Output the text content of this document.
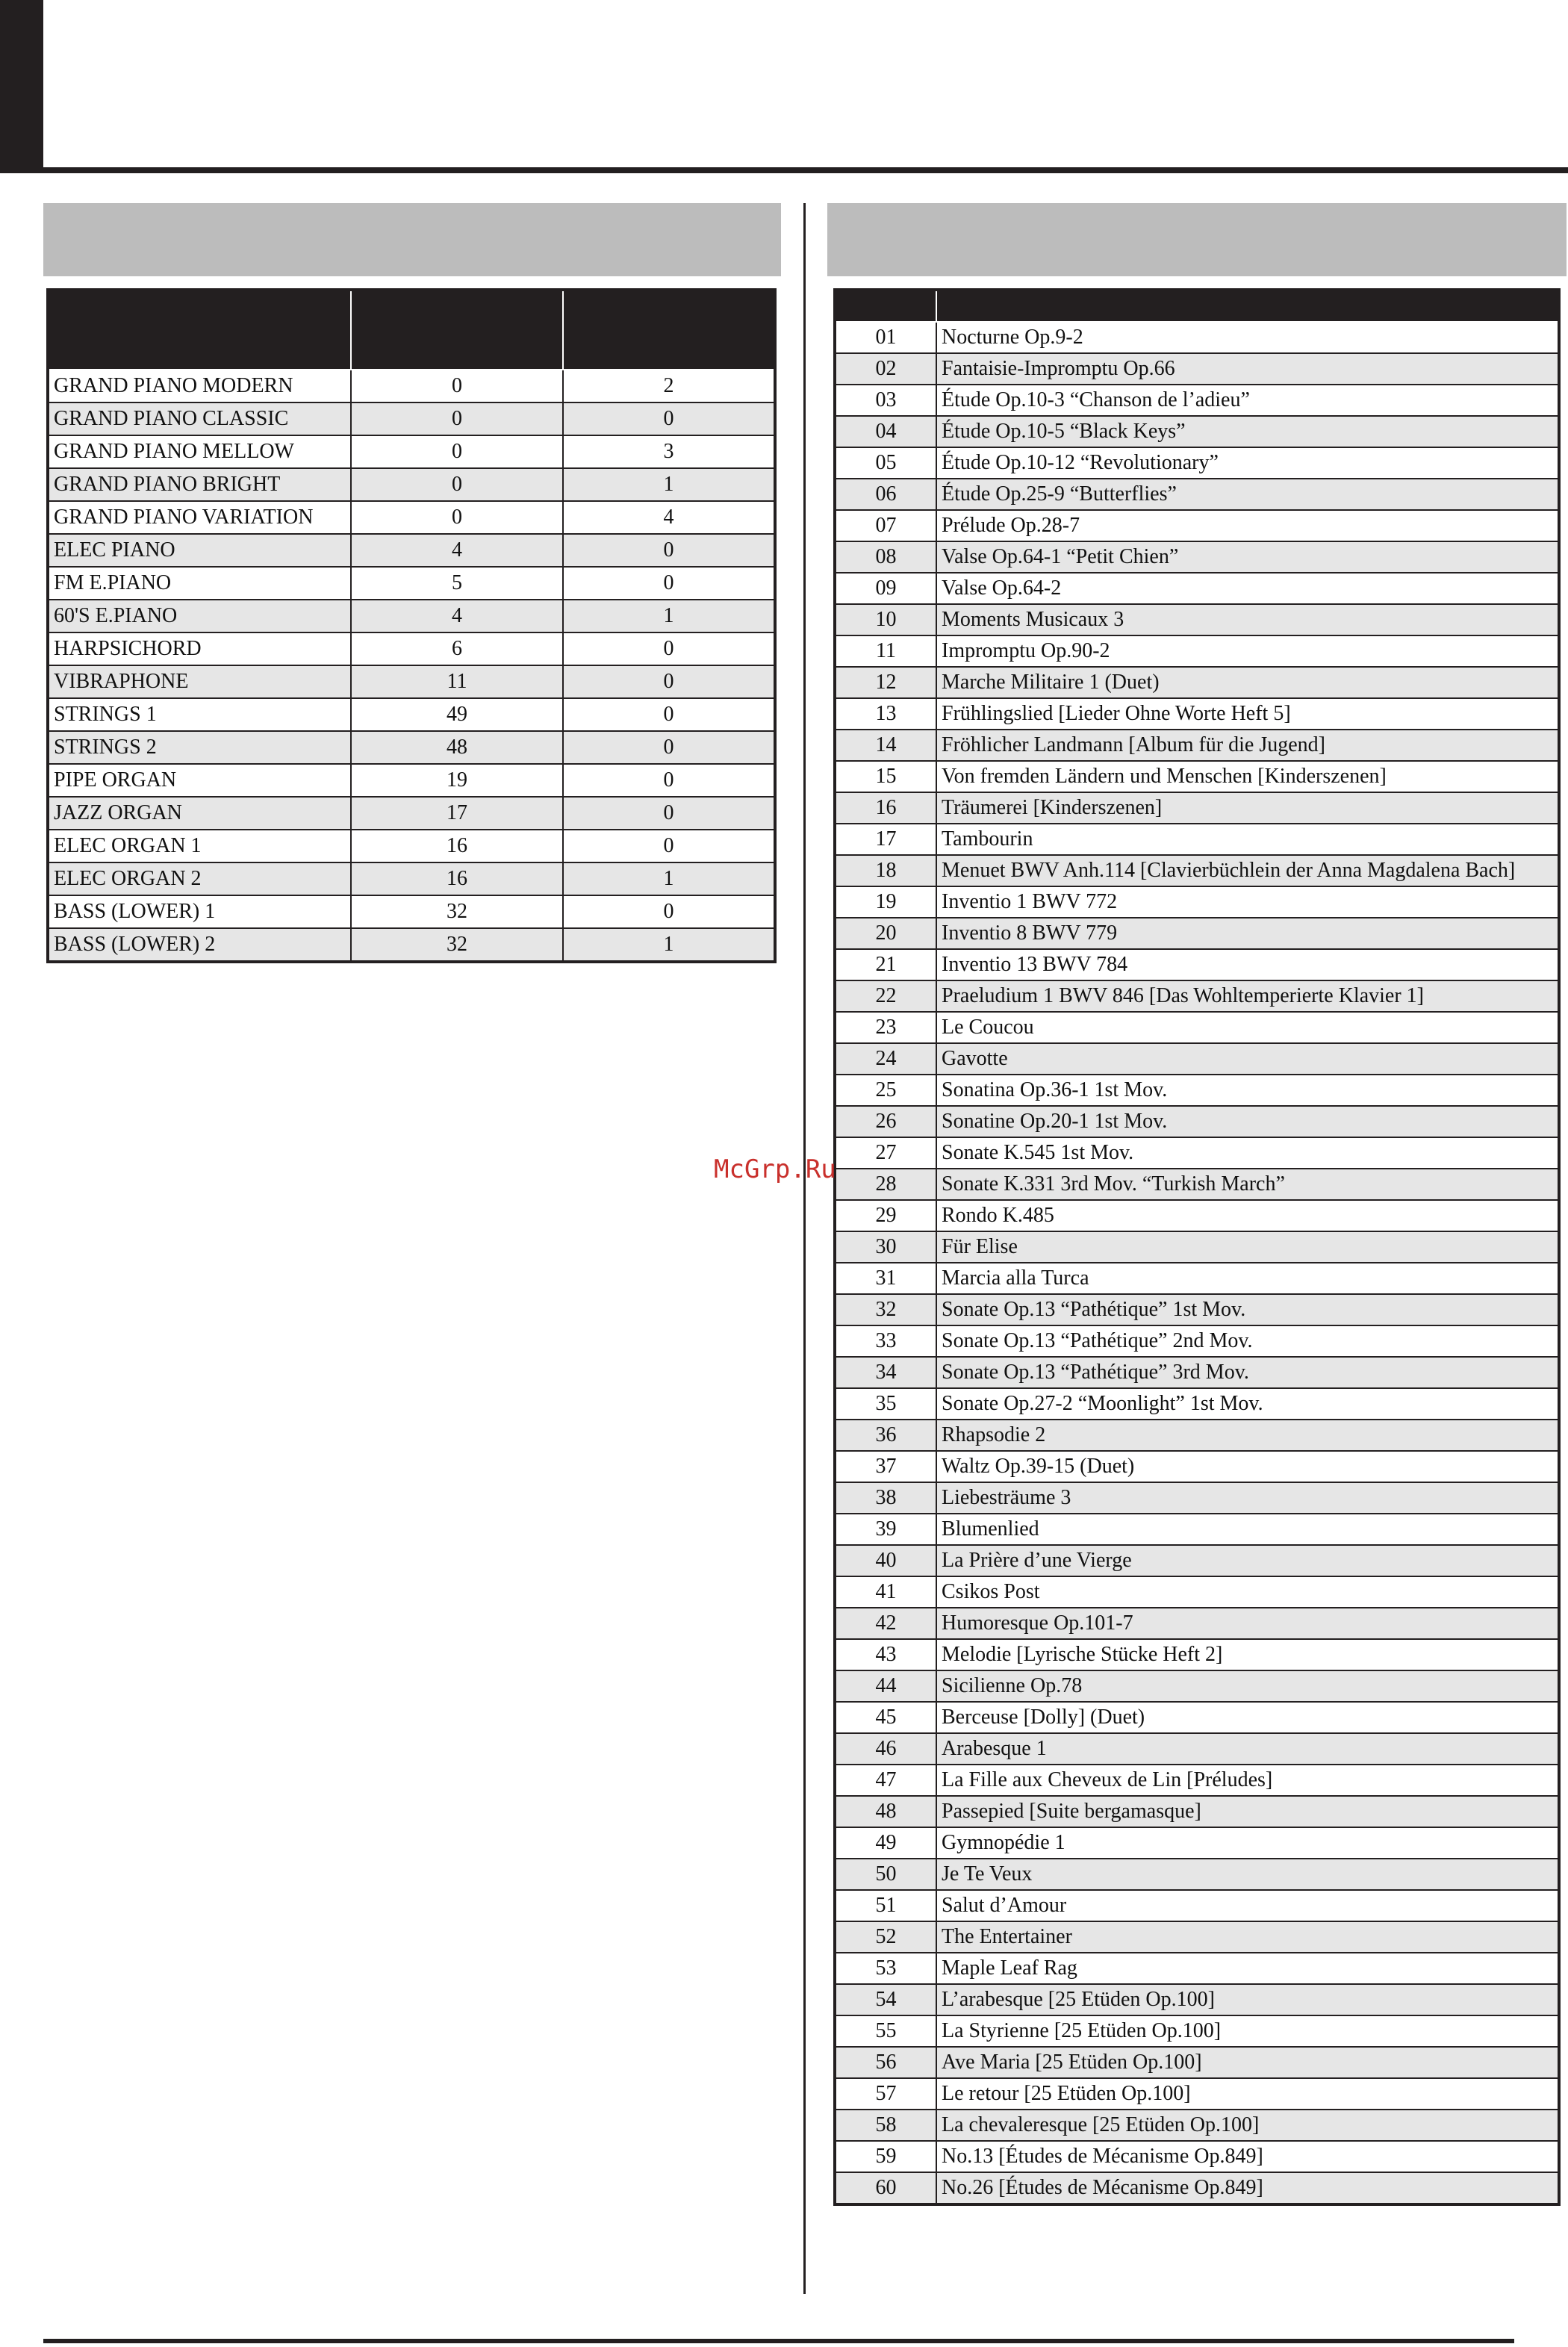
GRAND PIANO MODERN	0	2
GRAND PIANO CLASSIC	0	0
GRAND PIANO MELLOW	0	3
GRAND PIANO BRIGHT	0	1
GRAND PIANO VARIATION	0	4
ELEC PIANO	4	0
FM E.PIANO	5	0
60'S E.PIANO	4	1
HARPSICHORD	6	0
VIBRAPHONE	11	0
STRINGS 1	49	0
STRINGS 2	48	0
PIPE ORGAN	19	0
JAZZ ORGAN	17	0
ELEC ORGAN 1	16	0
ELEC ORGAN 2	16	1
BASS (LOWER) 1	32	0
BASS (LOWER) 2	32	1

01	Nocturne Op.9-2
02	Fantaisie-Impromptu Op.66
03	Étude Op.10-3 “Chanson de l’adieu”
04	Étude Op.10-5 “Black Keys”
05	Étude Op.10-12 “Revolutionary”
06	Étude Op.25-9 “Butterflies”
07	Prélude Op.28-7
08	Valse Op.64-1 “Petit Chien”
09	Valse Op.64-2
10	Moments Musicaux 3
11	Impromptu Op.90-2
12	Marche Militaire 1 (Duet)
13	Frühlingslied [Lieder Ohne Worte Heft 5]
14	Fröhlicher Landmann [Album für die Jugend]
15	Von fremden Ländern und Menschen [Kinderszenen]
16	Träumerei [Kinderszenen]
17	Tambourin
18	Menuet BWV Anh.114 [Clavierbüchlein der Anna Magdalena Bach]
19	Inventio 1 BWV 772
20	Inventio 8 BWV 779
21	Inventio 13 BWV 784
22	Praeludium 1 BWV 846 [Das Wohltemperierte Klavier 1]
23	Le Coucou
24	Gavotte
25	Sonatina Op.36-1 1st Mov.
26	Sonatine Op.20-1 1st Mov.
27	Sonate K.545 1st Mov.
28	Sonate K.331 3rd Mov. “Turkish March”
29	Rondo K.485
30	Für Elise
31	Marcia alla Turca
32	Sonate Op.13 “Pathétique” 1st Mov.
33	Sonate Op.13 “Pathétique” 2nd Mov.
34	Sonate Op.13 “Pathétique” 3rd Mov.
35	Sonate Op.27-2 “Moonlight” 1st Mov.
36	Rhapsodie 2
37	Waltz Op.39-15 (Duet)
38	Liebesträume 3
39	Blumenlied
40	La Prière d’une Vierge
41	Csikos Post
42	Humoresque Op.101-7
43	Melodie [Lyrische Stücke Heft 2]
44	Sicilienne Op.78
45	Berceuse [Dolly] (Duet)
46	Arabesque 1
47	La Fille aux Cheveux de Lin [Préludes]
48	Passepied [Suite bergamasque]
49	Gymnopédie 1
50	Je Te Veux
51	Salut d’Amour
52	The Entertainer
53	Maple Leaf Rag
54	L’arabesque [25 Etüden Op.100]
55	La Styrienne [25 Etüden Op.100]
56	Ave Maria [25 Etüden Op.100]
57	Le retour [25 Etüden Op.100]
58	La chevaleresque [25 Etüden Op.100]
59	No.13 [Études de Mécanisme Op.849]
60	No.26 [Études de Mécanisme Op.849]
McGrp.Ru
